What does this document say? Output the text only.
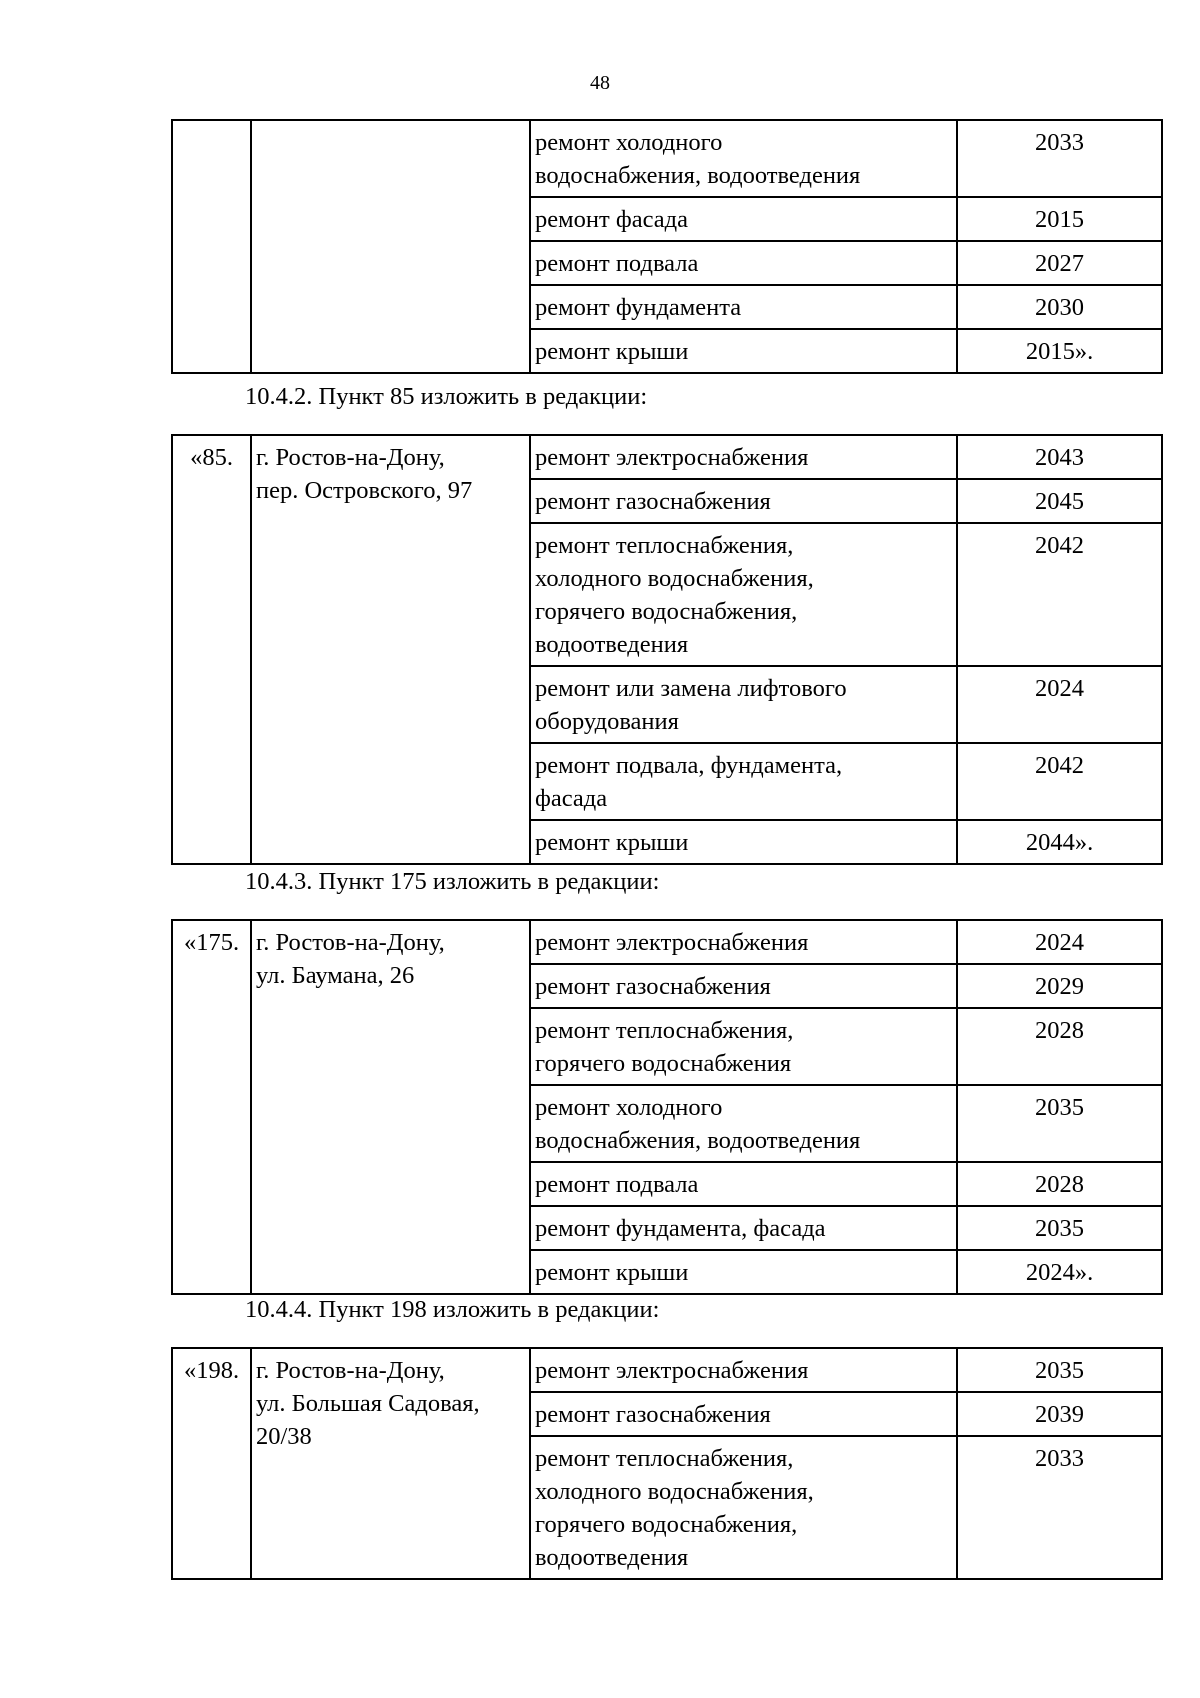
48

		ремонт холодного
водоснабжения, водоотведения	2033
		ремонт фасада	2015
		ремонт подвала	2027
		ремонт фундамента	2030
		ремонт крыши	2015».
10.4.2. Пункт 85 изложить в редакции:
«85.	г. Ростов-на-Дону,
пер. Островского, 97	ремонт электроснабжения	2043
		ремонт газоснабжения	2045

		ремонт теплоснабжения,
холодного водоснабжения,
горячего водоснабжения,
водоотведения	2042

		ремонт или замена лифтового
оборудования	2024

		ремонт подвала, фундамента,
фасада	2042
		ремонт крыши	2044».
10.4.3. Пункт 175 изложить в редакции:
«175.	г. Ростов-на-Дону,
ул. Баумана, 26	ремонт электроснабжения	2024
		ремонт газоснабжения	2029

		ремонт теплоснабжения,
горячего водоснабжения	2028

		ремонт холодного
водоснабжения, водоотведения	2035
		ремонт подвала	2028
		ремонт фундамента, фасада	2035
		ремонт крыши	2024».
10.4.4. Пункт 198 изложить в редакции:
«198.	г. Ростов-на-Дону,
ул. Большая Садовая,
20/38	ремонт электроснабжения	2035
		ремонт газоснабжения	2039

		ремонт теплоснабжения,
холодного водоснабжения,
горячего водоснабжения,
водоотведения	2033
